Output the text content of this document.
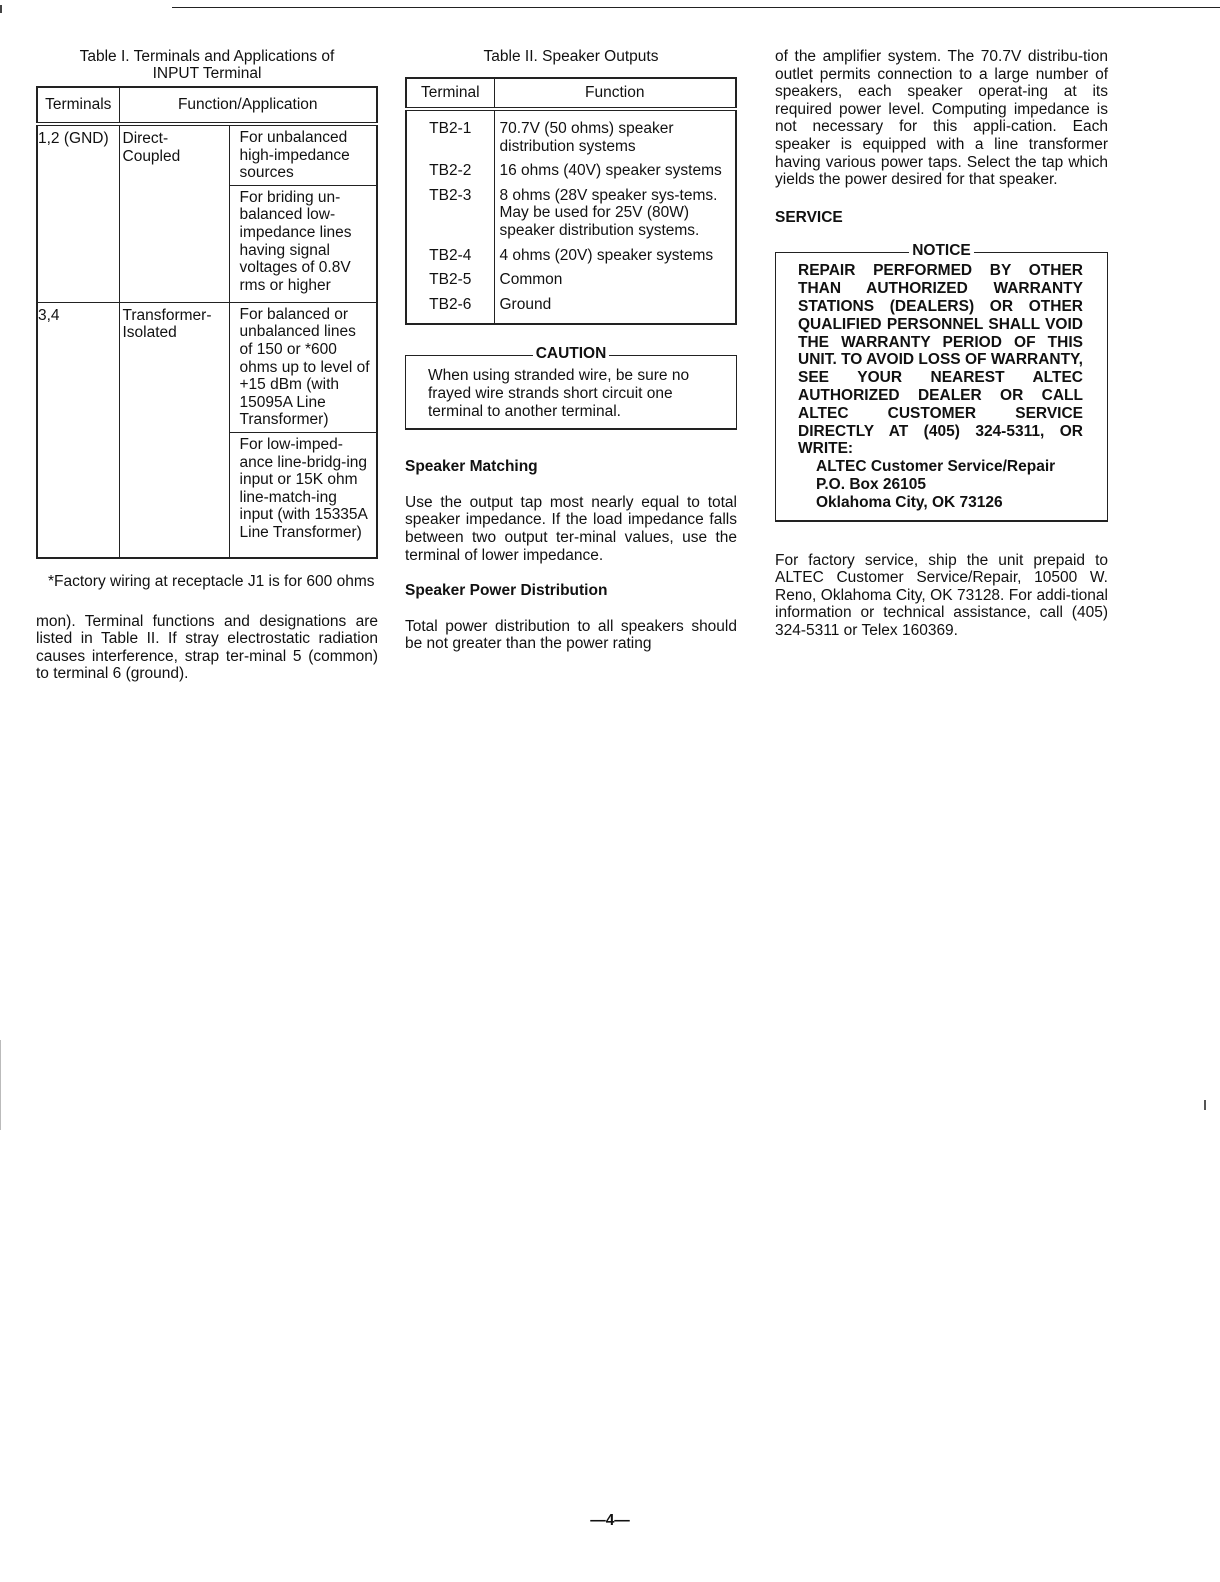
Table I. Terminals and Applications of
INPUT Terminal

Terminals	Function/Application	
1,2 (GND)	Direct-Coupled	For unbalanced high-impedance sources
		For briding un-balanced low-impedance lines having signal voltages of 0.8V rms or higher
3,4	Transformer-Isolated	For balanced or unbalanced lines of 150 or *600 ohms up to level of +15 dBm (with 15095A Line Transformer)
		For low-imped-ance line-bridg-ing input or 15K ohm line-match-ing input (with 15335A Line Transformer)

*Factory wiring at receptacle J1 is for 600 ohms

mon). Terminal functions and designations are listed in Table II. If stray electrostatic radiation causes interference, strap ter-minal 5 (common) to terminal 6 (ground).

Table II. Speaker Outputs

Terminal	Function
TB2-1	70.7V (50 ohms) speaker distribution systems
TB2-2	16 ohms (40V) speaker systems
TB2-3	8 ohms (28V speaker sys-tems. May be used for 25V (80W) speaker distribution systems.
TB2-4	4 ohms (20V) speaker systems
TB2-5	Common
TB2-6	Ground
CAUTION

When using stranded wire, be sure no frayed wire strands short circuit one terminal to another terminal.

Speaker Matching

Use the output tap most nearly equal to total speaker impedance. If the load impedance falls between two output ter-minal values, use the terminal of lower impedance.

Speaker Power Distribution

Total power distribution to all speakers should be not greater than the power rating

of the amplifier system. The 70.7V distribu-tion outlet permits connection to a large number of speakers, each speaker operat-ing at its required power level. Computing impedance is not necessary for this appli-cation. Each speaker is equipped with a line transformer having various power taps. Select the tap which yields the power desired for that speaker.

SERVICE

NOTICE

REPAIR PERFORMED BY OTHER THAN AUTHORIZED WARRANTY STATIONS (DEALERS) OR OTHER QUALIFIED PERSONNEL SHALL VOID THE WARRANTY PERIOD OF THIS UNIT. TO AVOID LOSS OF WARRANTY, SEE YOUR NEAREST ALTEC AUTHORIZED DEALER OR CALL ALTEC CUSTOMER SERVICE DIRECTLY AT (405) 324-5311, OR WRITE:

ALTEC Customer Service/Repair
P.O. Box 26105
Oklahoma City, OK 73126

For factory service, ship the unit prepaid to ALTEC Customer Service/Repair, 10500 W. Reno, Oklahoma City, OK 73128. For addi-tional information or technical assistance, call (405) 324-5311 or Telex 160369.

—4—
